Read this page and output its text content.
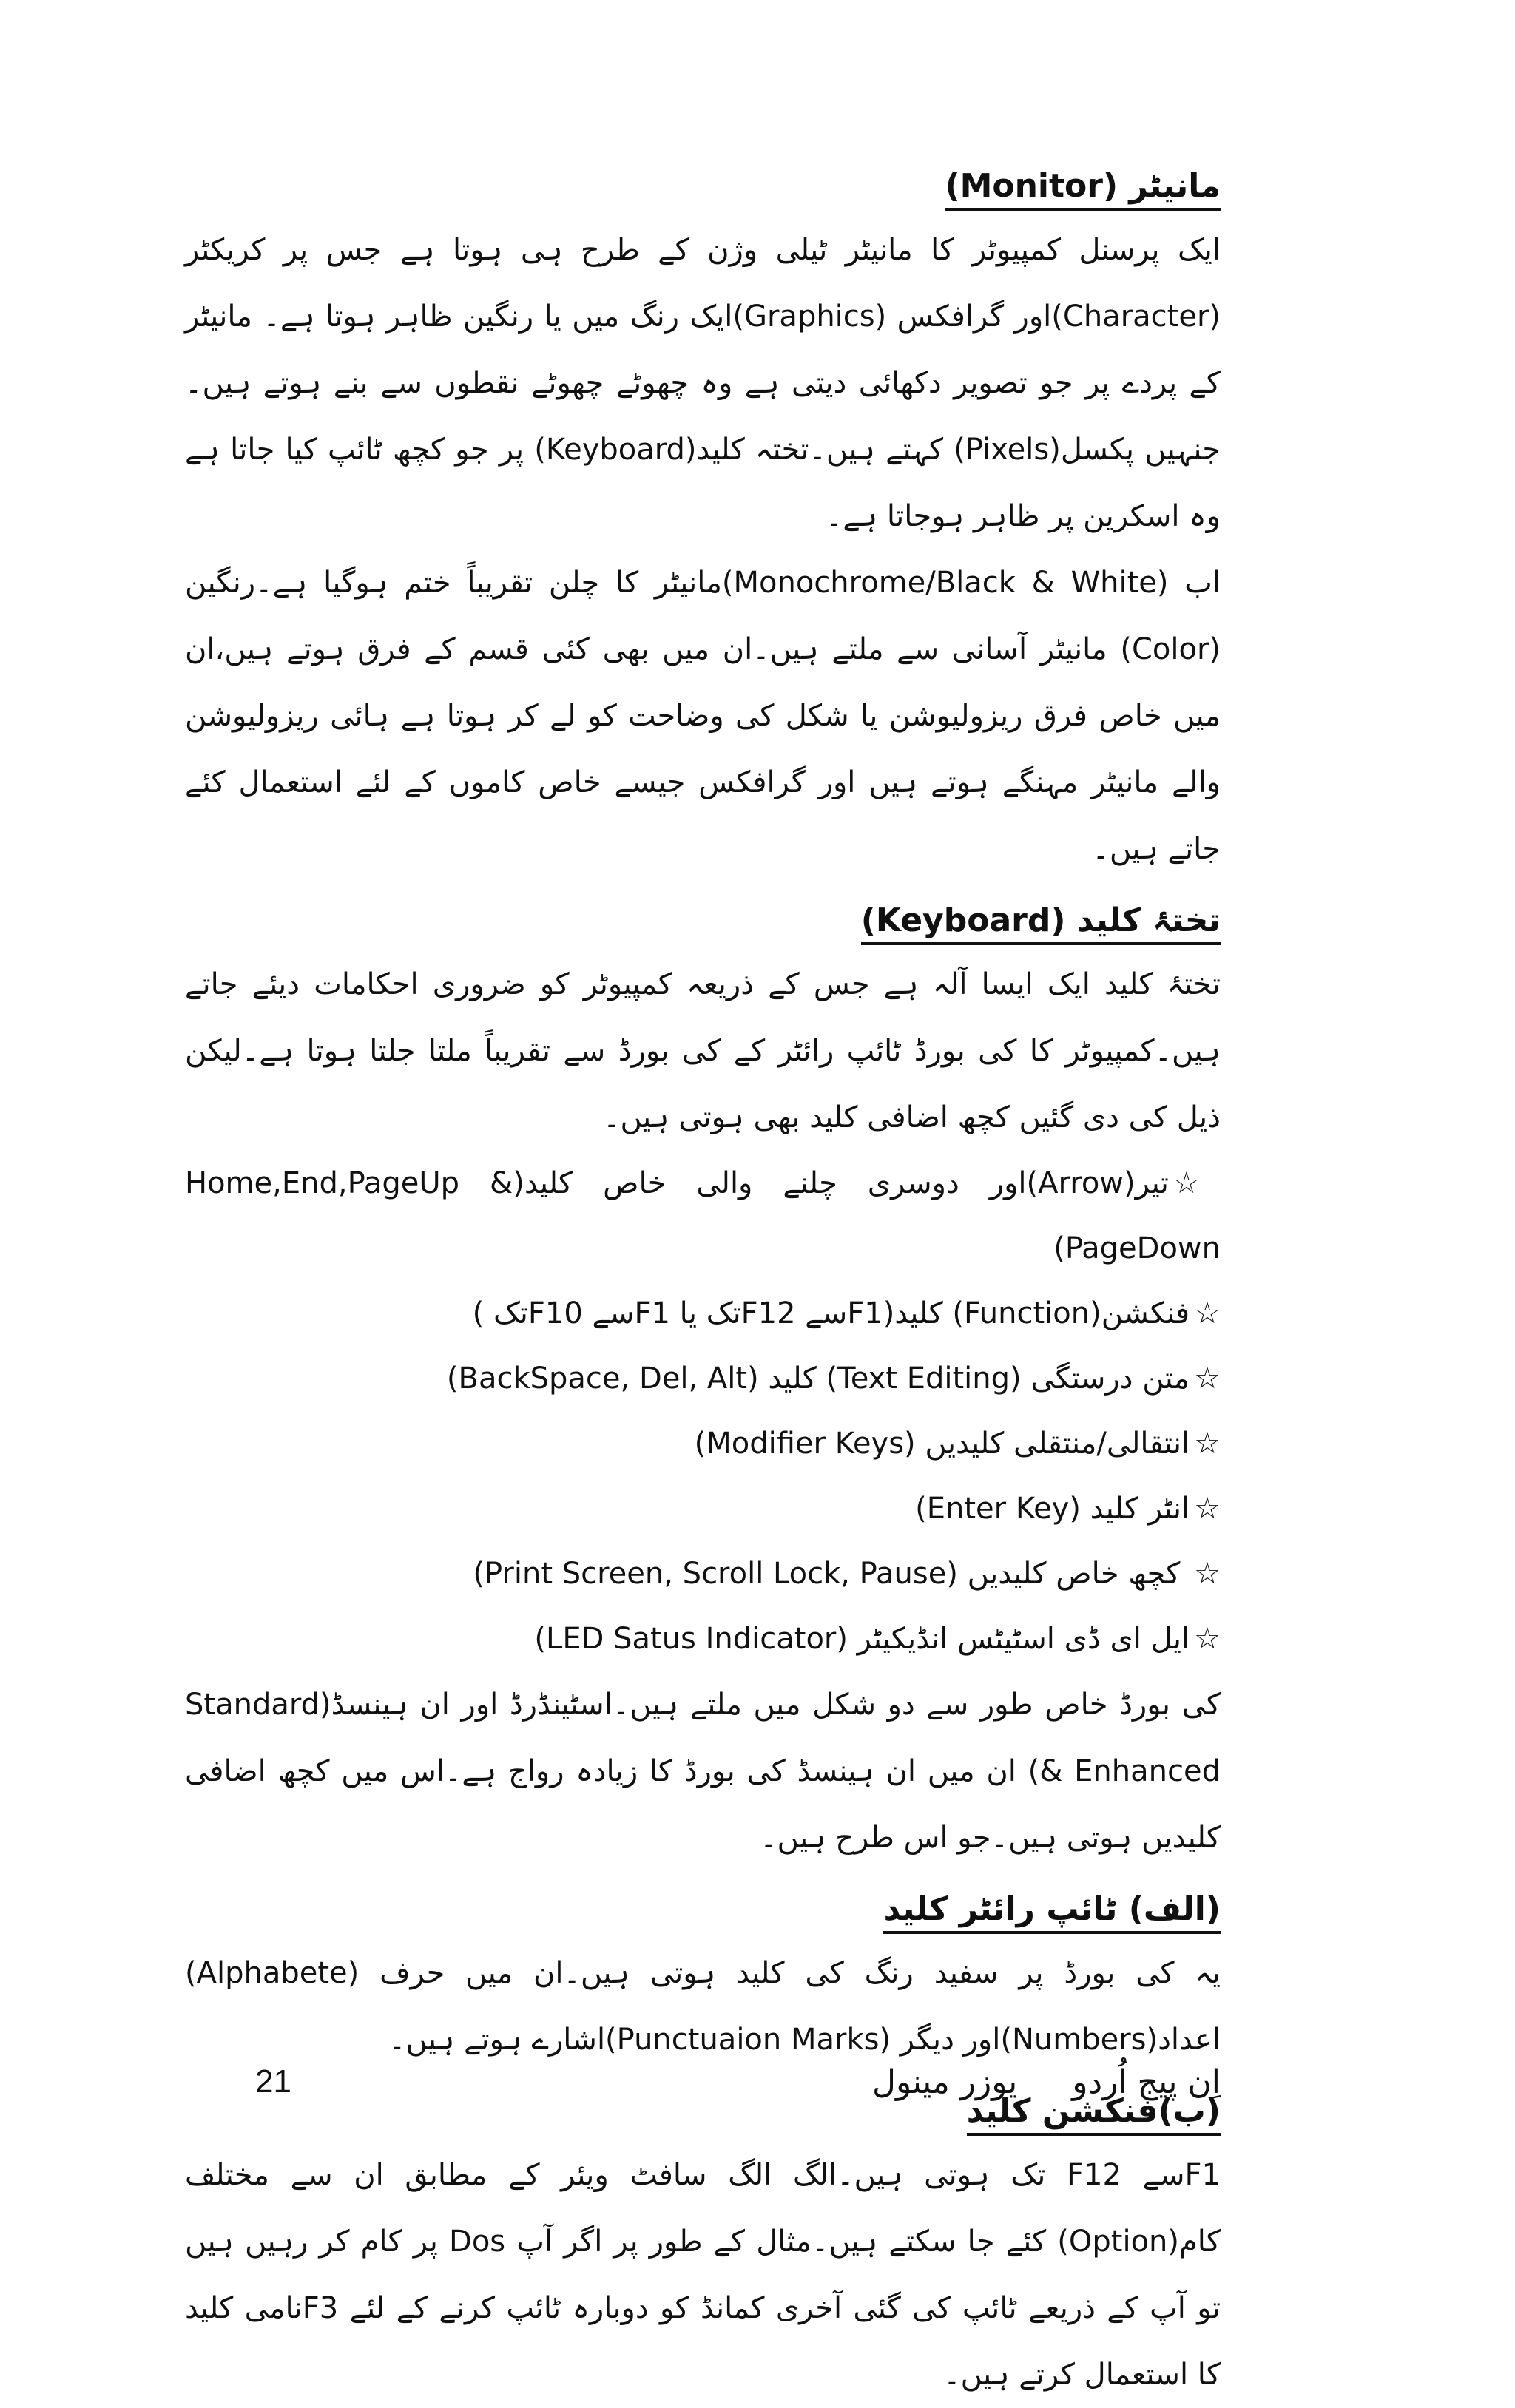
مانیٹر (Monitor)

ایک پرسنل کمپیوٹر کا مانیٹر ٹیلی وژن کے طرح ہی ہوتا ہے جس پر کریکٹر (Character)اور گرافکس (Graphics)ایک رنگ میں یا رنگین ظاہر ہوتا ہے۔ مانیٹر کے پردے پر جو تصویر دکھائی دیتی ہے وہ چھوٹے چھوٹے نقطوں سے بنے ہوتے ہیں۔جنہیں پکسل(Pixels) کہتے ہیں۔تختہ کلید(Keyboard) پر جو کچھ ٹائپ کیا جاتا ہے وہ اسکرین پر ظاہر ہوجاتا ہے۔

اب (Monochrome/Black & White)مانیٹر کا چلن تقریباً ختم ہوگیا ہے۔رنگین (Color) مانیٹر آسانی سے ملتے ہیں۔ان میں بھی کئی قسم کے فرق ہوتے ہیں،ان میں خاص فرق ریزولیوشن یا شکل کی وضاحت کو لے کر ہوتا ہے ہائی ریزولیوشن والے مانیٹر مہنگے ہوتے ہیں اور گرافکس جیسے خاص کاموں کے لئے استعمال کئے جاتے ہیں۔

تختۂ کلید (Keyboard)

تختۂ کلید ایک ایسا آلہ ہے جس کے ذریعہ کمپیوٹر کو ضروری احکامات دیئے جاتے ہیں۔کمپیوٹر کا کی بورڈ ٹائپ رائٹر کے کی بورڈ سے تقریباً ملتا جلتا ہوتا ہے۔لیکن ذیل کی دی گئیں کچھ اضافی کلید بھی ہوتی ہیں۔

☆تیر(Arrow)اور دوسری چلنے والی خاص کلید(Home,End,PageUp & PageDown)
☆فنکشن(Function) کلید(F1سے F12تک یا F1سے F10تک )
☆متن درستگی (Text Editing) کلید (BackSpace, Del, Alt)
☆انتقالی/منتقلی کلیدیں (Modifier Keys)
☆انٹر کلید (Enter Key)
☆ کچھ خاص کلیدیں (Print Screen, Scroll Lock, Pause)
☆ایل ای ڈی اسٹیٹس انڈیکیٹر (LED Satus Indicator)

کی بورڈ خاص طور سے دو شکل میں ملتے ہیں۔اسٹینڈرڈ اور ان ہینسڈ(Standard & Enhanced) ان میں ان ہینسڈ کی بورڈ کا زیادہ رواج ہے۔اس میں کچھ اضافی کلیدیں ہوتی ہیں۔جو اس طرح ہیں۔

(الف) ٹائپ رائٹر کلید

یہ کی بورڈ پر سفید رنگ کی کلید ہوتی ہیں۔ان میں حرف (Alphabete) اعداد(Numbers)اور دیگر (Punctuaion Marks)اشارے ہوتے ہیں۔

(ب)فنکشن کلید

F1سے F12 تک ہوتی ہیں۔الگ الگ سافٹ ویئر کے مطابق ان سے مختلف کام(Option) کئے جا سکتے ہیں۔مثال کے طور پر اگر آپ Dos پر کام کر رہیں ہیں تو آپ کے ذریعے ٹائپ کی گئی آخری کمانڈ کو دوبارہ ٹائپ کرنے کے لئے F3نامی کلید کا استعمال کرتے ہیں۔

21	اِن پیج اُردو یوزر مینول
